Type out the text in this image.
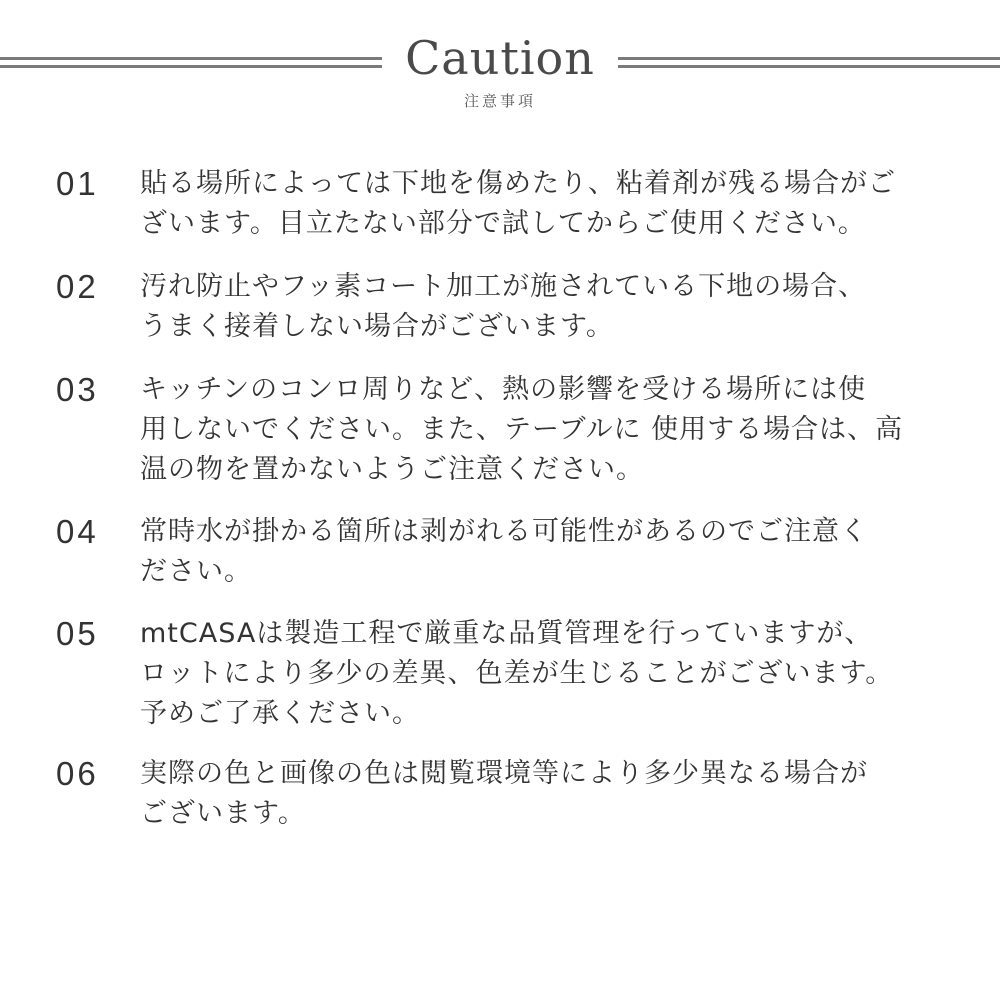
Caution
注意事項
01	貼る場所によっては下地を傷めたり、粘着剤が残る場合がご
ざいます。目立たない部分で試してからご使用ください。
02	汚れ防止やフッ素コート加工が施されている下地の場合、
うまく接着しない場合がございます。
03	キッチンのコンロ周りなど、熱の影響を受ける場所には使
用しないでください。また、テーブルに 使用する場合は、高
温の物を置かないようご注意ください。
04	常時水が掛かる箇所は剥がれる可能性があるのでご注意く
ださい。
05	mtCASAは製造工程で厳重な品質管理を行っていますが、
ロットにより多少の差異、色差が生じることがございます。
予めご了承ください。
06	実際の色と画像の色は閲覧環境等により多少異なる場合が
ございます。
